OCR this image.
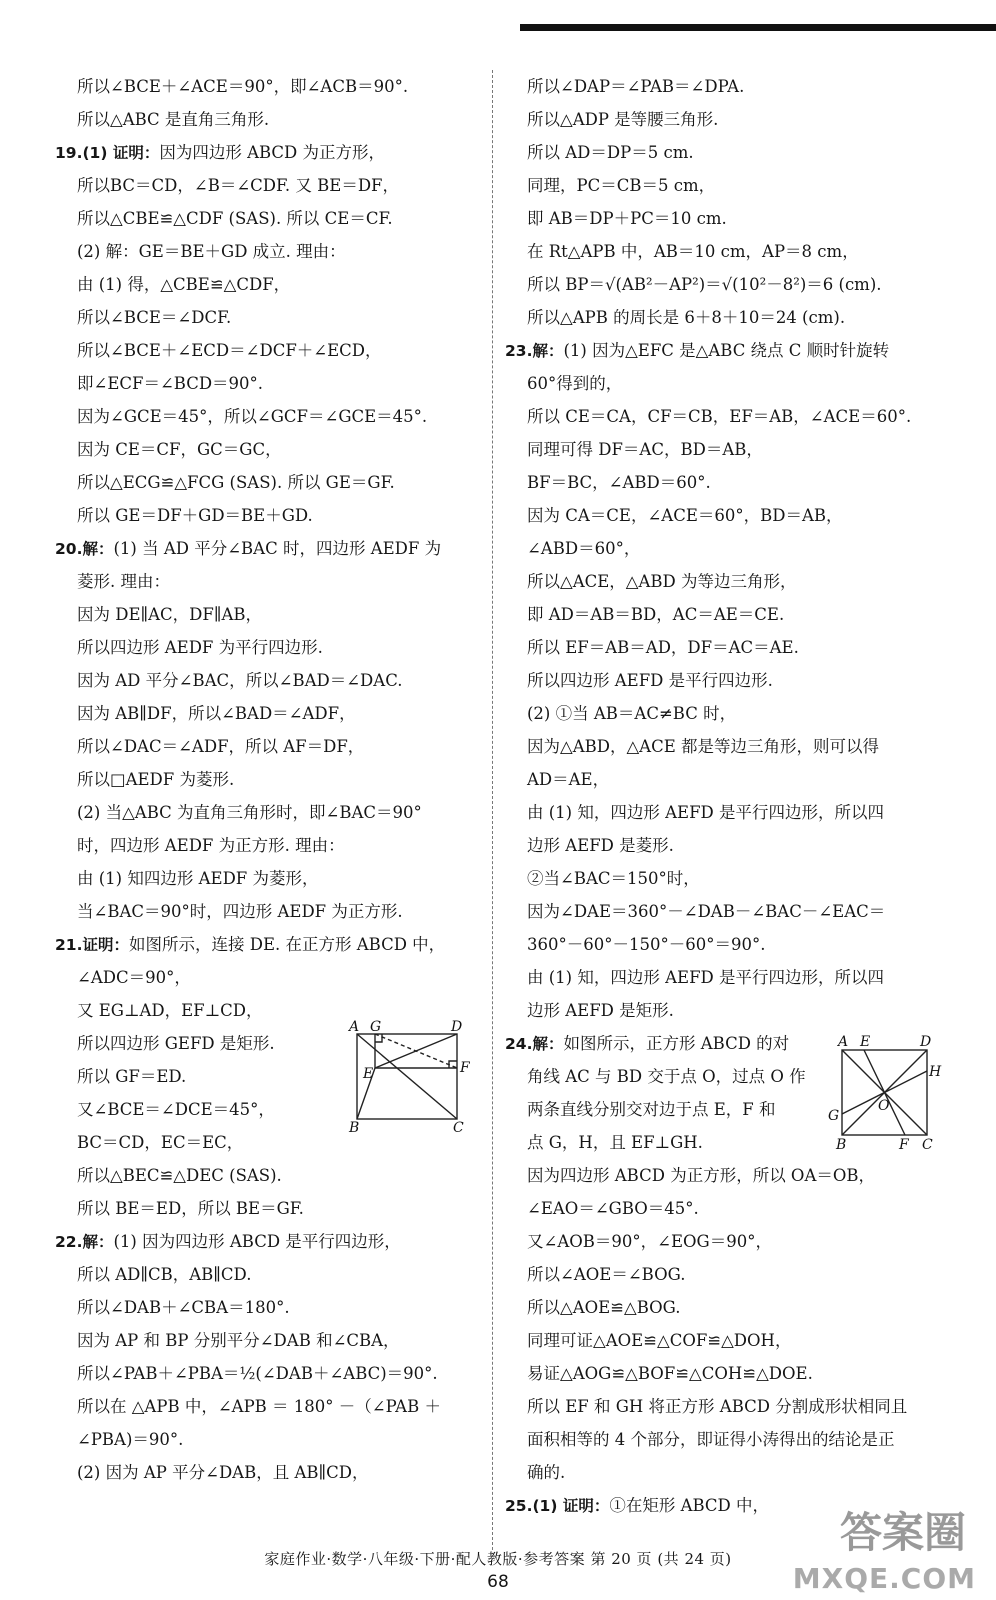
所以∠BCE＋∠ACE＝90°，即∠ACB＝90°.
所以△ABC 是直角三角形.
19.(1) 证明：因为四边形 ABCD 为正方形，
所以BC＝CD，∠B＝∠CDF. 又 BE＝DF，
所以△CBE≌△CDF (SAS). 所以 CE＝CF.
(2) 解：GE＝BE＋GD 成立. 理由：
由 (1) 得，△CBE≌△CDF，
所以∠BCE＝∠DCF.
所以∠BCE＋∠ECD＝∠DCF＋∠ECD，
即∠ECF＝∠BCD＝90°.
因为∠GCE＝45°，所以∠GCF＝∠GCE＝45°.
因为 CE＝CF，GC＝GC，
所以△ECG≌△FCG (SAS). 所以 GE＝GF.
所以 GE＝DF＋GD＝BE＋GD.
20.解：(1) 当 AD 平分∠BAC 时，四边形 AEDF 为
菱形. 理由：
因为 DE∥AC，DF∥AB，
所以四边形 AEDF 为平行四边形.
因为 AD 平分∠BAC，所以∠BAD＝∠DAC.
因为 AB∥DF，所以∠BAD＝∠ADF，
所以∠DAC＝∠ADF，所以 AF＝DF，
所以□AEDF 为菱形.
(2) 当△ABC 为直角三角形时，即∠BAC＝90°
时，四边形 AEDF 为正方形. 理由：
由 (1) 知四边形 AEDF 为菱形，
当∠BAC＝90°时，四边形 AEDF 为正方形.
21.证明：如图所示，连接 DE. 在正方形 ABCD 中，
∠ADC＝90°，
又 EG⊥AD，EF⊥CD，
所以四边形 GEFD 是矩形.
所以 GF＝ED.
又∠BCE＝∠DCE＝45°，
BC＝CD，EC＝EC，
所以△BEC≌△DEC (SAS).
所以 BE＝ED，所以 BE＝GF.
22.解：(1) 因为四边形 ABCD 是平行四边形，
所以 AD∥CB，AB∥CD.
所以∠DAB＋∠CBA＝180°.
因为 AP 和 BP 分别平分∠DAB 和∠CBA，
所以∠PAB＋∠PBA＝½(∠DAB＋∠ABC)＝90°.
所以在 △APB 中，∠APB ＝ 180° －（∠PAB ＋
∠PBA)＝90°.
(2) 因为 AP 平分∠DAB，且 AB∥CD，
所以∠DAP＝∠PAB＝∠DPA.
所以△ADP 是等腰三角形.
所以 AD＝DP＝5 cm.
同理，PC＝CB＝5 cm，
即 AB＝DP＋PC＝10 cm.
在 Rt△APB 中，AB＝10 cm，AP＝8 cm，
所以 BP＝√(AB²－AP²)＝√(10²－8²)＝6 (cm).
所以△APB 的周长是 6＋8＋10＝24 (cm).
23.解：(1) 因为△EFC 是△ABC 绕点 C 顺时针旋转
60°得到的，
所以 CE＝CA，CF＝CB，EF＝AB，∠ACE＝60°.
同理可得 DF＝AC，BD＝AB，
BF＝BC，∠ABD＝60°.
因为 CA＝CE，∠ACE＝60°，BD＝AB，
∠ABD＝60°，
所以△ACE，△ABD 为等边三角形，
即 AD＝AB＝BD，AC＝AE＝CE.
所以 EF＝AB＝AD，DF＝AC＝AE.
所以四边形 AEFD 是平行四边形.
(2) ①当 AB＝AC≠BC 时，
因为△ABD，△ACE 都是等边三角形，则可以得
AD＝AE，
由 (1) 知，四边形 AEFD 是平行四边形，所以四
边形 AEFD 是菱形.
②当∠BAC＝150°时，
因为∠DAE＝360°－∠DAB－∠BAC－∠EAC＝
360°－60°－150°－60°＝90°.
由 (1) 知，四边形 AEFD 是平行四边形，所以四
边形 AEFD 是矩形.
24.解：如图所示，正方形 ABCD 的对
角线 AC 与 BD 交于点 O，过点 O 作
两条直线分别交对边于点 E，F 和
点 G，H，且 EF⊥GH.
因为四边形 ABCD 为正方形，所以 OA＝OB，
∠EAO＝∠GBO＝45°.
又∠AOB＝90°，∠EOG＝90°，
所以∠AOE＝∠BOG.
所以△AOE≌△BOG.
同理可证△AOE≌△COF≌△DOH，
易证△AOG≌△BOF≌△COH≌△DOE.
所以 EF 和 GH 将正方形 ABCD 分割成形状相同且
面积相等的 4 个部分，即证得小涛得出的结论是正
确的.
25.(1) 证明：①在矩形 ABCD 中，
A G	D
E	F
B	C
A E	D
H
G
O
B	F C
家庭作业·数学·八年级·下册·配人教版·参考答案 第 20 页 (共 24 页)
68
答案圈
MXQE.COM
